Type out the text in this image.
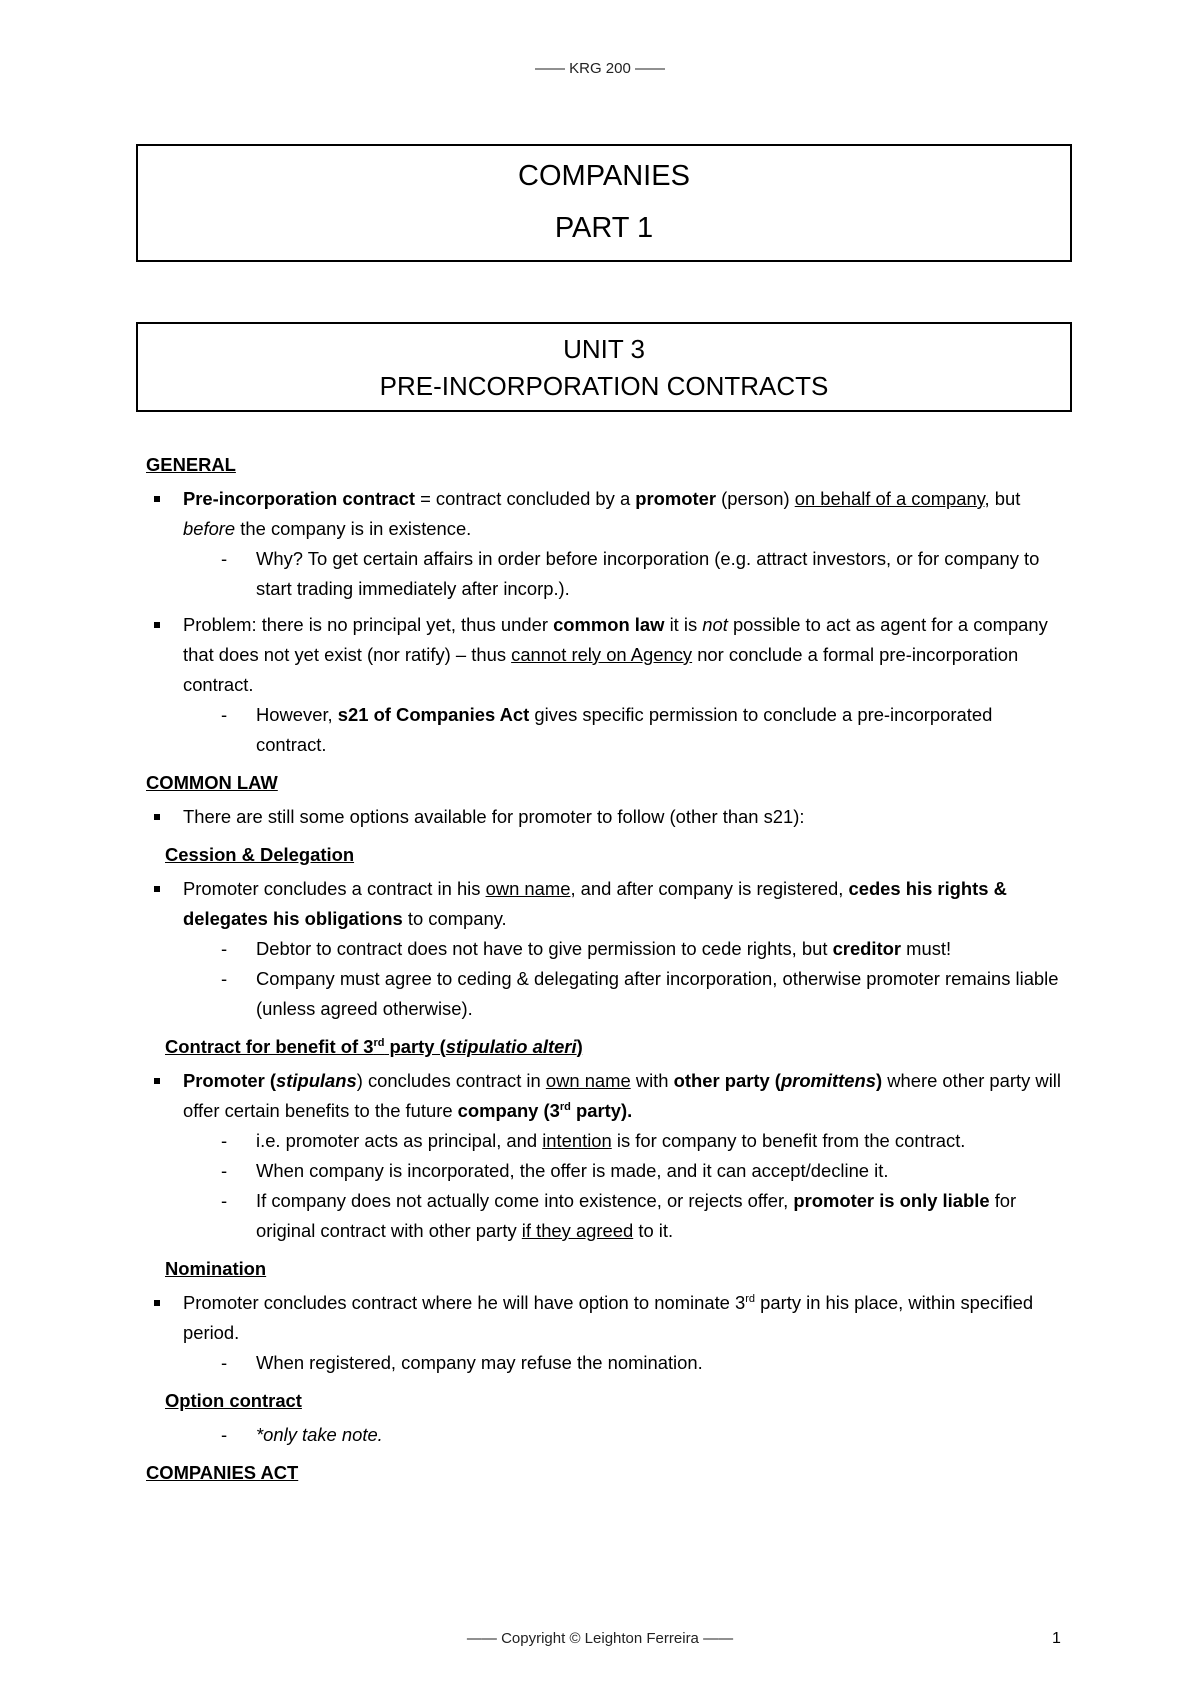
—— KRG 200 ——
COMPANIES
PART 1
UNIT 3
PRE-INCORPORATION CONTRACTS
GENERAL
Pre-incorporation contract = contract concluded by a promoter (person) on behalf of a company, but before the company is in existence.
- Why? To get certain affairs in order before incorporation (e.g. attract investors, or for company to start trading immediately after incorp.).
Problem: there is no principal yet, thus under common law it is not possible to act as agent for a company that does not yet exist (nor ratify) – thus cannot rely on Agency nor conclude a formal pre-incorporation contract.
- However, s21 of Companies Act gives specific permission to conclude a pre-incorporated contract.
COMMON LAW
There are still some options available for promoter to follow (other than s21):
Cession & Delegation
Promoter concludes a contract in his own name, and after company is registered, cedes his rights & delegates his obligations to company.
- Debtor to contract does not have to give permission to cede rights, but creditor must!
- Company must agree to ceding & delegating after incorporation, otherwise promoter remains liable (unless agreed otherwise).
Contract for benefit of 3rd party (stipulatio alteri)
Promoter (stipulans) concludes contract in own name with other party (promittens) where other party will offer certain benefits to the future company (3rd party).
- i.e. promoter acts as principal, and intention is for company to benefit from the contract.
- When company is incorporated, the offer is made, and it can accept/decline it.
- If company does not actually come into existence, or rejects offer, promoter is only liable for original contract with other party if they agreed to it.
Nomination
Promoter concludes contract where he will have option to nominate 3rd party in his place, within specified period.
- When registered, company may refuse the nomination.
Option contract
- *only take note.
COMPANIES ACT
—— Copyright © Leighton Ferreira ——	1
